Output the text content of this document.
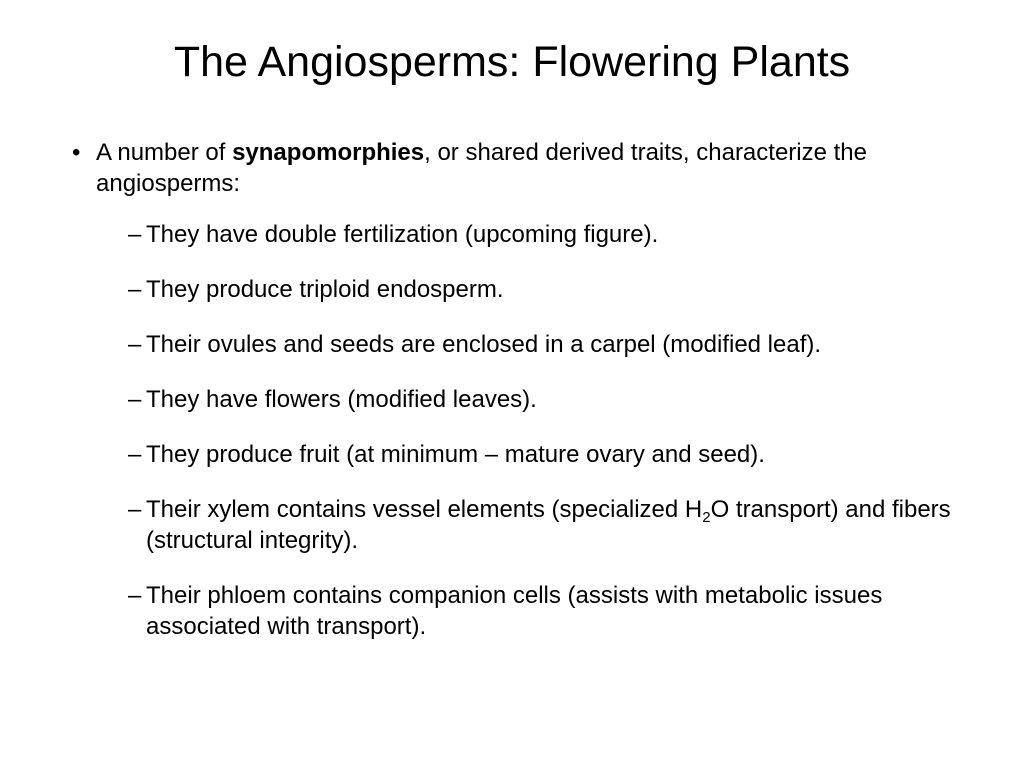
The Angiosperms: Flowering Plants
• A number of synapomorphies, or shared derived traits, characterize the angiosperms:
– They have double fertilization (upcoming figure).
– They produce triploid endosperm.
– Their ovules and seeds are enclosed in a carpel (modified leaf).
– They have flowers (modified leaves).
– They produce fruit (at minimum – mature ovary and seed).
– Their xylem contains vessel elements (specialized $H_2O$ transport) and fibers (structural integrity).
– Their phloem contains companion cells (assists with metabolic issues associated with transport).
